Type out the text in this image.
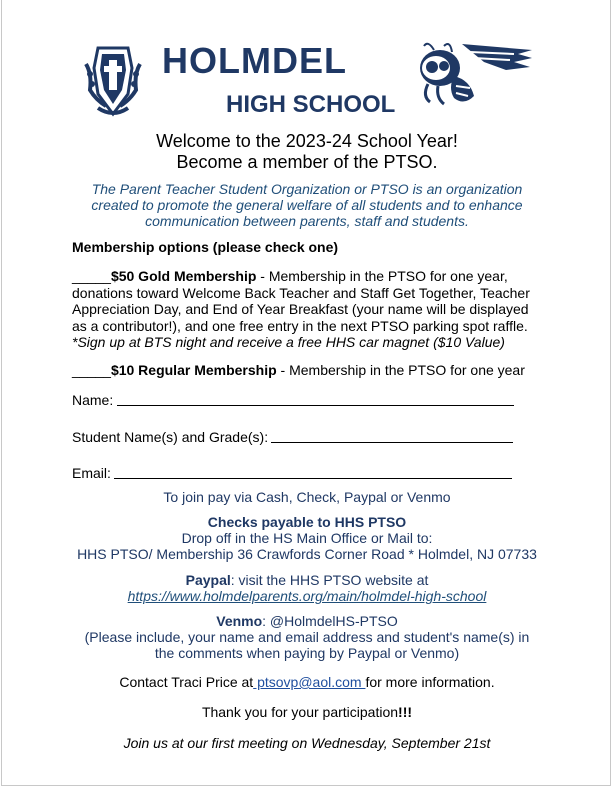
HOLMDEL
HIGH SCHOOL
Welcome to the 2023-24 School Year!
Become a member of the PTSO.
The Parent Teacher Student Organization or PTSO is an organization
created to promote the general welfare of all students and to enhance
communication between parents, staff and students.
Membership options (please check one)
_____$50 Gold Membership - Membership in the PTSO for one year,
donations toward Welcome Back Teacher and Staff Get Together, Teacher
Appreciation Day, and End of Year Breakfast (your name will be displayed
as a contributor!), and one free entry in the next PTSO parking spot raffle.
*Sign up at BTS night and receive a free HHS car magnet ($10 Value)
_____$10 Regular Membership - Membership in the PTSO for one year
Name:
Student Name(s) and Grade(s):
Email:
To join pay via Cash, Check, Paypal or Venmo
Checks payable to HHS PTSO
Drop off in the HS Main Office or Mail to:
HHS PTSO/ Membership 36 Crawfords Corner Road * Holmdel, NJ 07733
Paypal: visit the HHS PTSO website at
https://www.holmdelparents.org/main/holmdel-high-school
Venmo: @HolmdelHS-PTSO
(Please include, your name and email address and student's name(s) in
the comments when paying by Paypal or Venmo)
Contact Traci Price at ptsovp@aol.com for more information.
Thank you for your participation!!!
Join us at our first meeting on Wednesday, September 21st
